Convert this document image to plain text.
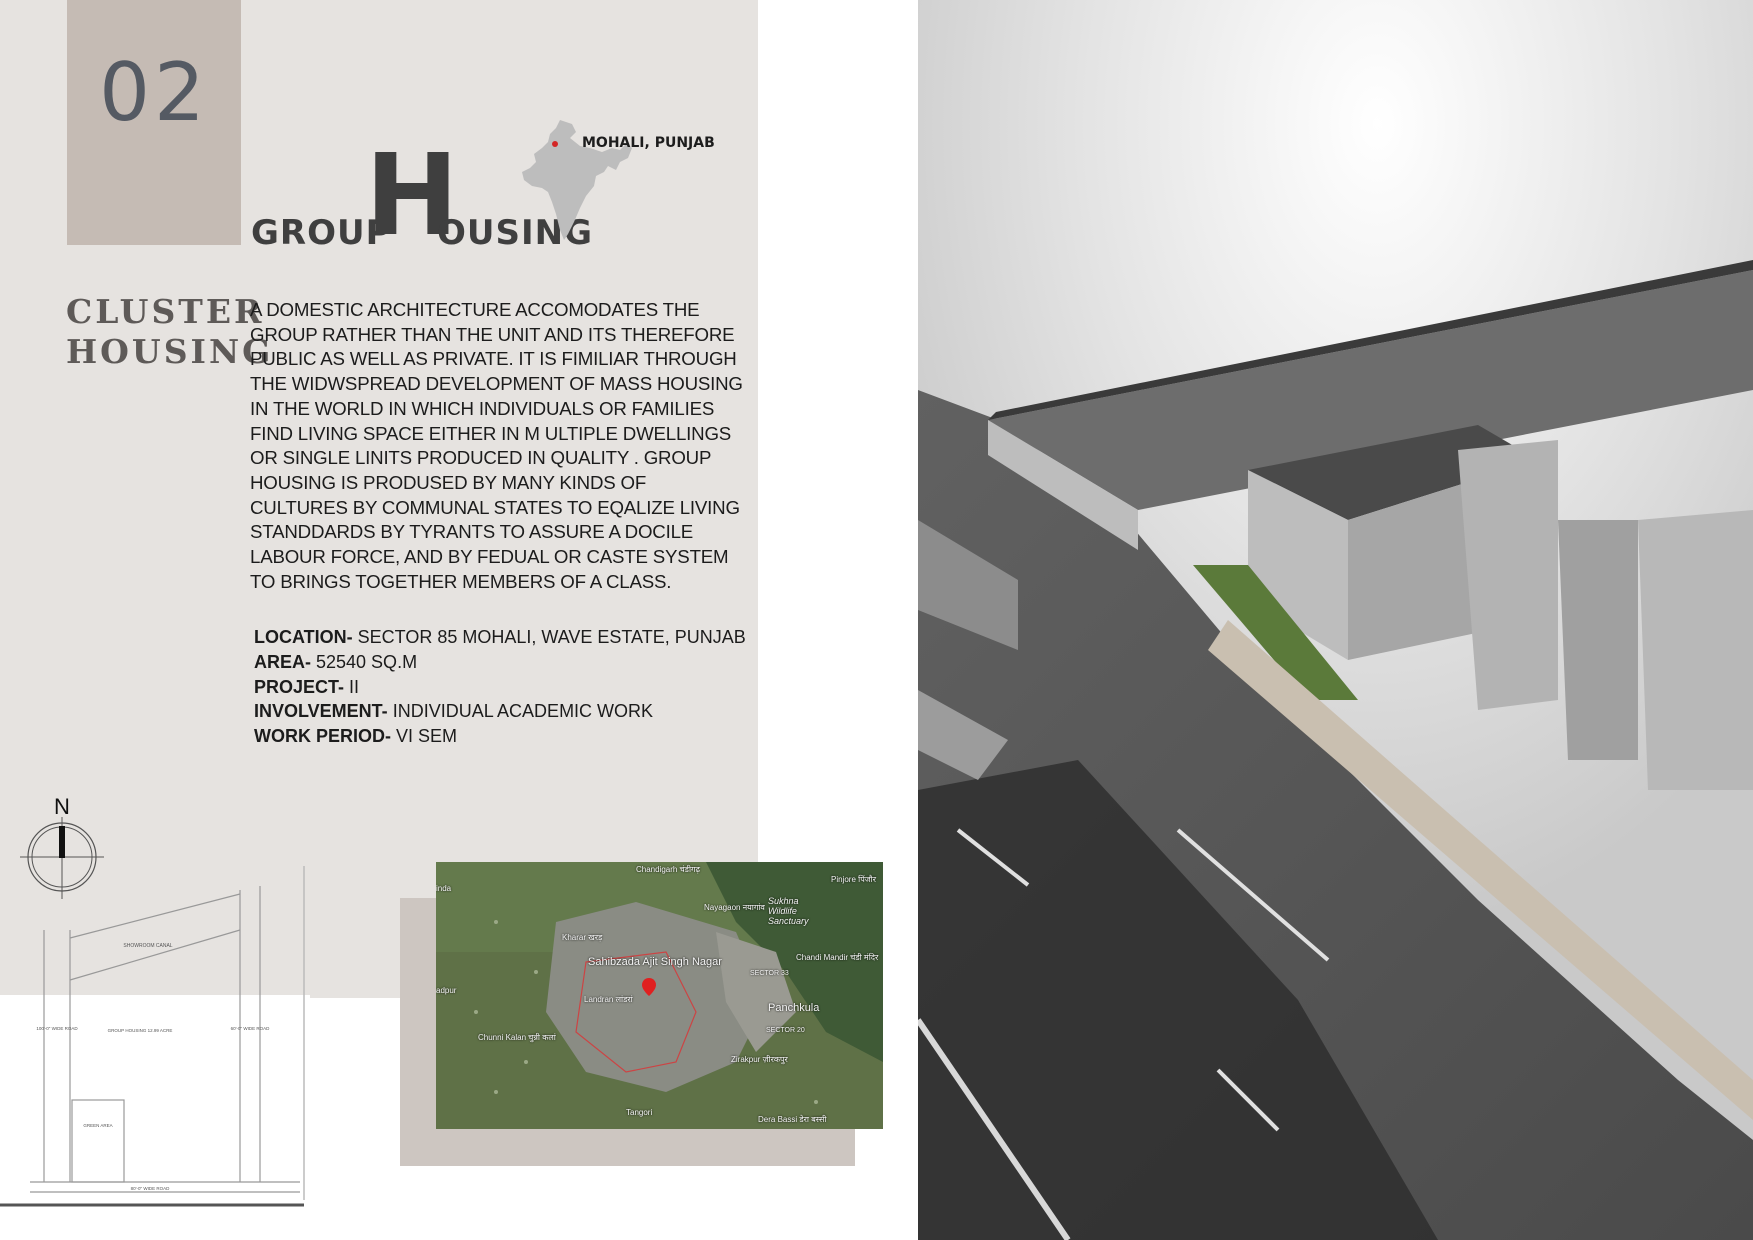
02
GROUP
H
OUSING
MOHALI, PUNJAB
CLUSTER
HOUSING
A DOMESTIC ARCHITECTURE ACCOMODATES THE
GROUP RATHER THAN THE UNIT AND ITS THEREFORE
PUBLIC AS WELL AS PRIVATE. IT IS FIMILIAR THROUGH
THE WIDWSPREAD DEVELOPMENT OF MASS HOUSING
IN THE WORLD IN WHICH INDIVIDUALS OR FAMILIES
FIND LIVING SPACE EITHER IN M ULTIPLE DWELLINGS
OR SINGLE LINITS PRODUCED IN QUALITY . GROUP
HOUSING IS PRODUSED BY MANY KINDS OF
CULTURES BY COMMUNAL STATES TO EQALIZE LIVING
STANDDARDS BY TYRANTS TO ASSURE A DOCILE
LABOUR FORCE, AND BY FEDUAL OR CASTE SYSTEM
TO BRINGS TOGETHER MEMBERS OF A CLASS.
LOCATION- SECTOR 85 MOHALI, WAVE ESTATE, PUNJAB
AREA- 52540 SQ.M
PROJECT- II
INVOLVEMENT- INDIVIDUAL ACADEMIC WORK
WORK PERIOD- VI SEM
N
SHOWROOM CANAL
100'-0" WIDE ROAD	GROUP HOUSING 12.99 ACRE	60'-0" WIDE ROAD
GREEN AREA
80'-0" WIDE ROAD
Chandigarh चंडीगढ़
Pinjore पिंजौर
Nayagaon नयागांव
Sukhna Wildlife Sanctuary
Kharar खरड़
Sahibzada Ajit Singh Nagar	Chandi Mandir चंडी मंदिर
SECTOR 33
Landran लांडरां
Panchkula
SECTOR 20
Chunni Kalan चुन्नी कलां
Zirakpur ज़ीरकपुर
Tangori
Dera Bassi डेरा बस्सी
inda
adpur
